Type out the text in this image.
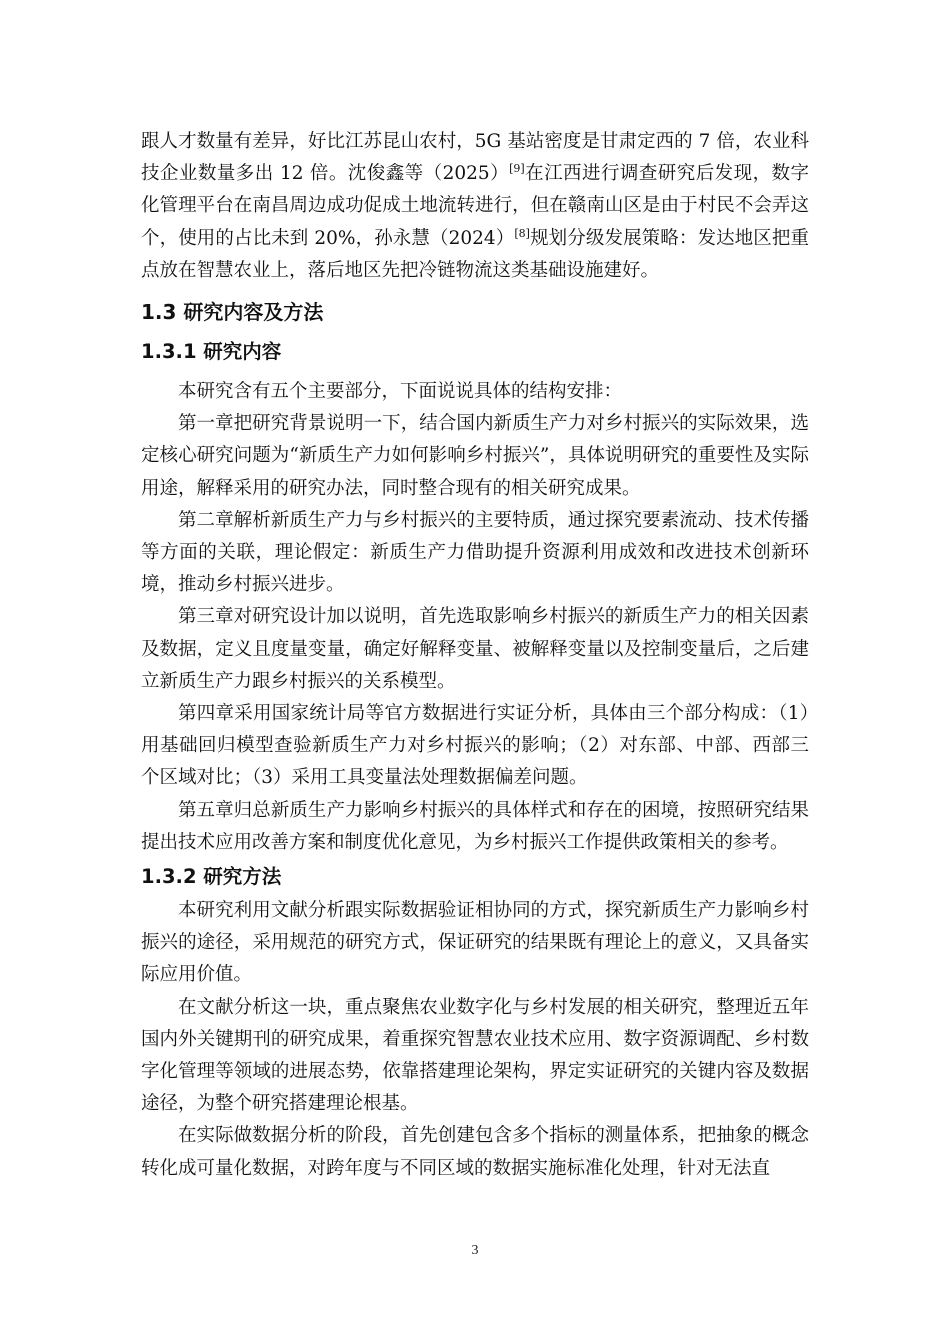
跟人才数量有差异，好比江苏昆山农村，5G 基站密度是甘肃定西的 7 倍，农业科技企业数量多出 12 倍。沈俊鑫等（2025）[9]在江西进行调查研究后发现，数字化管理平台在南昌周边成功促成土地流转进行，但在赣南山区是由于村民不会弄这个，使用的占比未到 20%，孙永慧（2024）[8]规划分级发展策略：发达地区把重点放在智慧农业上，落后地区先把冷链物流这类基础设施建好。

1.3 研究内容及方法
1.3.1 研究内容

本研究含有五个主要部分，下面说说具体的结构安排：

第一章把研究背景说明一下，结合国内新质生产力对乡村振兴的实际效果，选定核心研究问题为“新质生产力如何影响乡村振兴”，具体说明研究的重要性及实际用途，解释采用的研究办法，同时整合现有的相关研究成果。

第二章解析新质生产力与乡村振兴的主要特质，通过探究要素流动、技术传播等方面的关联，理论假定：新质生产力借助提升资源利用成效和改进技术创新环境，推动乡村振兴进步。

第三章对研究设计加以说明，首先选取影响乡村振兴的新质生产力的相关因素及数据，定义且度量变量，确定好解释变量、被解释变量以及控制变量后，之后建立新质生产力跟乡村振兴的关系模型。

第四章采用国家统计局等官方数据进行实证分析，具体由三个部分构成：（1）用基础回归模型查验新质生产力对乡村振兴的影响；（2）对东部、中部、西部三个区域对比；（3）采用工具变量法处理数据偏差问题。

第五章归总新质生产力影响乡村振兴的具体样式和存在的困境，按照研究结果提出技术应用改善方案和制度优化意见，为乡村振兴工作提供政策相关的参考。

1.3.2 研究方法

本研究利用文献分析跟实际数据验证相协同的方式，探究新质生产力影响乡村振兴的途径，采用规范的研究方式，保证研究的结果既有理论上的意义，又具备实际应用价值。

在文献分析这一块，重点聚焦农业数字化与乡村发展的相关研究，整理近五年国内外关键期刊的研究成果，着重探究智慧农业技术应用、数字资源调配、乡村数字化管理等领域的进展态势，依靠搭建理论架构，界定实证研究的关键内容及数据途径，为整个研究搭建理论根基。

在实际做数据分析的阶段，首先创建包含多个指标的测量体系，把抽象的概念转化成可量化数据，对跨年度与不同区域的数据实施标准化处理，针对无法直

3
